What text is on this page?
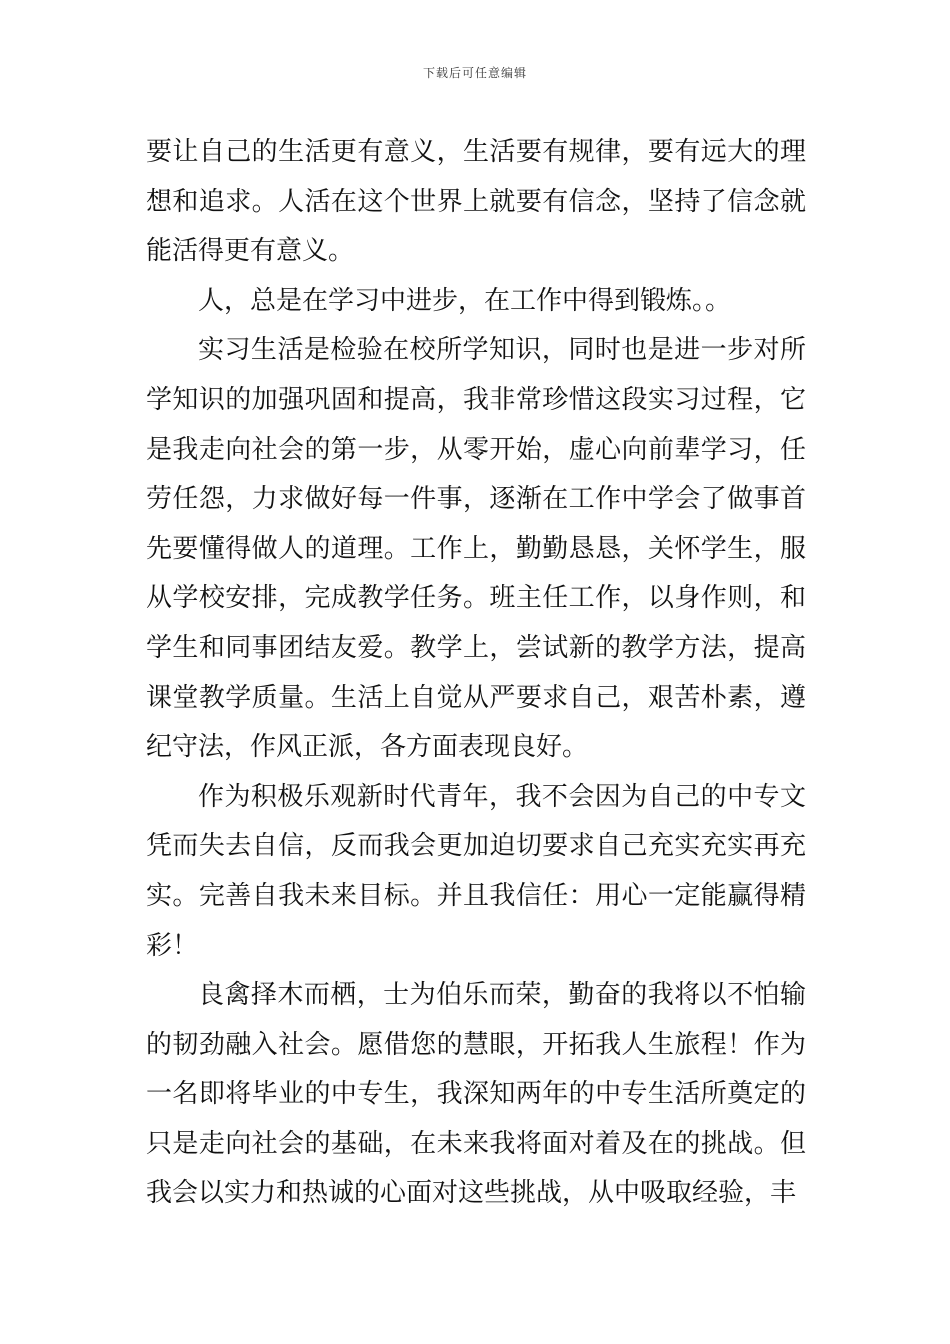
下载后可任意编辑

要让自己的生活更有意义，生活要有规律，要有远大的理想和追求。人活在这个世界上就要有信念，坚持了信念就能活得更有意义。

人，总是在学习中进步，在工作中得到锻炼。。

实习生活是检验在校所学知识，同时也是进一步对所学知识的加强巩固和提高，我非常珍惜这段实习过程，它是我走向社会的第一步，从零开始，虚心向前辈学习，任劳任怨，力求做好每一件事，逐渐在工作中学会了做事首先要懂得做人的道理。工作上，勤勤恳恳，关怀学生，服从学校安排，完成教学任务。班主任工作，以身作则，和学生和同事团结友爱。教学上，尝试新的教学方法，提高课堂教学质量。生活上自觉从严要求自己，艰苦朴素，遵纪守法，作风正派，各方面表现良好。

作为积极乐观新时代青年，我不会因为自己的中专文凭而失去自信，反而我会更加迫切要求自己充实充实再充实。完善自我未来目标。并且我信任：用心一定能赢得精彩！

良禽择木而栖，士为伯乐而荣，勤奋的我将以不怕输的韧劲融入社会。愿借您的慧眼，开拓我人生旅程！作为一名即将毕业的中专生，我深知两年的中专生活所奠定的只是走向社会的基础，在未来我将面对着及在的挑战。但我会以实力和热诚的心面对这些挑战，从中吸取经验，丰
